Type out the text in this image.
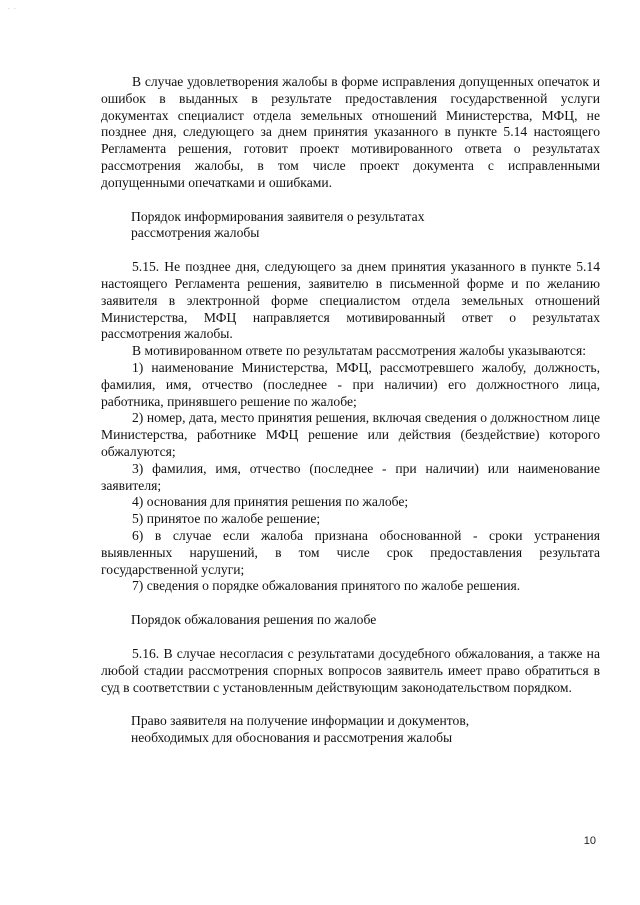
· ·

В случае удовлетворения жалобы в форме исправления допущенных опечаток и ошибок в выданных в результате предоставления государственной услуги документах специалист отдела земельных отношений Министерства, МФЦ, не позднее дня, следующего за днем принятия указанного в пункте 5.14 настоящего Регламента решения, готовит проект мотивированного ответа о результатах рассмотрения жалобы, в том числе проект документа с исправленными допущенными опечатками и ошибками.

Порядок информирования заявителя о результатах
рассмотрения жалобы

5.15. Не позднее дня, следующего за днем принятия указанного в пункте 5.14 настоящего Регламента решения, заявителю в письменной форме и по желанию заявителя в электронной форме специалистом отдела земельных отношений Министерства, МФЦ направляется мотивированный ответ о результатах рассмотрения жалобы.

В мотивированном ответе по результатам рассмотрения жалобы указываются:

1) наименование Министерства, МФЦ, рассмотревшего жалобу, должность, фамилия, имя, отчество (последнее - при наличии) его должностного лица, работника, принявшего решение по жалобе;

2) номер, дата, место принятия решения, включая сведения о должностном лице Министерства, работнике МФЦ решение или действия (бездействие) которого обжалуются;

3) фамилия, имя, отчество (последнее - при наличии) или наименование заявителя;

4) основания для принятия решения по жалобе;

5) принятое по жалобе решение;

6) в случае если жалоба признана обоснованной - сроки устранения выявленных нарушений, в том числе срок предоставления результата государственной услуги;

7) сведения о порядке обжалования принятого по жалобе решения.

Порядок обжалования решения по жалобе

5.16. В случае несогласия с результатами досудебного обжалования, а также на любой стадии рассмотрения спорных вопросов заявитель имеет право обратиться в суд в соответствии с установленным действующим законодательством порядком.

Право заявителя на получение информации и документов,
необходимых для обоснования и рассмотрения жалобы
10
